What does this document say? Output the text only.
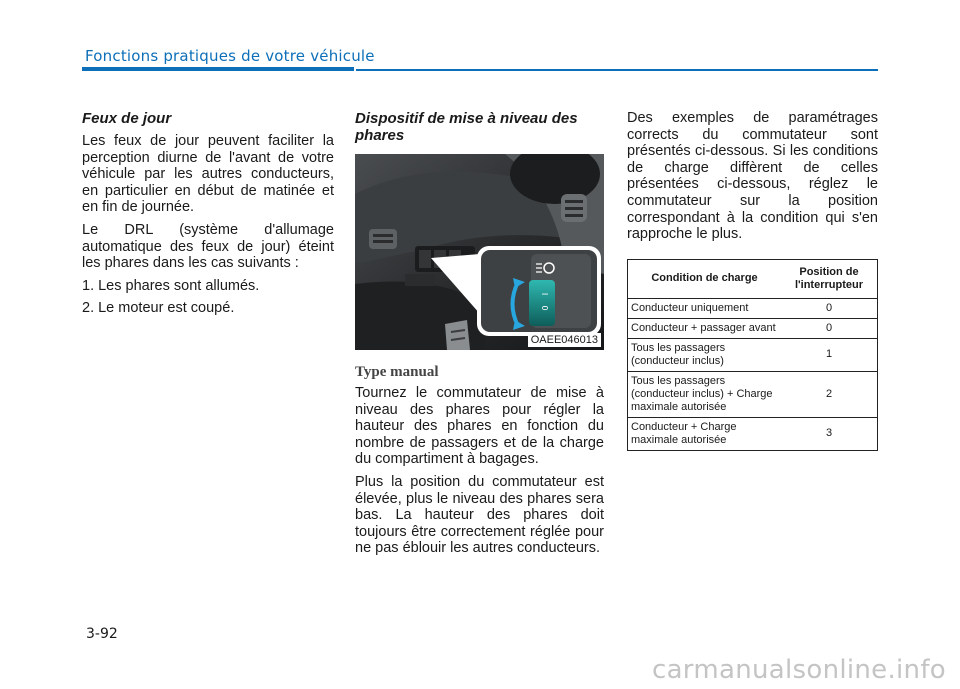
Fonctions pratiques de votre véhicule
Feux de jour

Les feux de jour peuvent faciliter la perception diurne de l'avant de votre véhicule par les autres conducteurs, en particulier en début de matinée et en fin de journée.

Le DRL (système d'allumage automatique des feux de jour) éteint les phares dans les cas suivants :

1. Les phares sont allumés.

2. Le moteur est coupé.

Dispositif de mise à niveau des phares
I
0
OAEE046013
Type manual

Tournez le commutateur de mise à niveau des phares pour régler la hauteur des phares en fonction du nombre de passagers et de la charge du compartiment à bagages.

Plus la position du commutateur est élevée, plus le niveau des phares sera bas. La hauteur des phares doit toujours être correctement réglée pour ne pas éblouir les autres conducteurs.

Des exemples de paramétrages corrects du commutateur sont présentés ci-dessous. Si les conditions de charge diffèrent de celles présentées ci-dessous, réglez le commutateur sur la position correspondant à la condition qui s'en rapproche le plus.

Condition de charge	Position de l'interrupteur
Conducteur uniquement	0
Conducteur + passager avant	0
Tous les passagers (conducteur inclus)	1
Tous les passagers (conducteur inclus) + Charge maximale autorisée	2
Conducteur + Charge maximale autorisée	3
3-92
carmanualsonline.info
